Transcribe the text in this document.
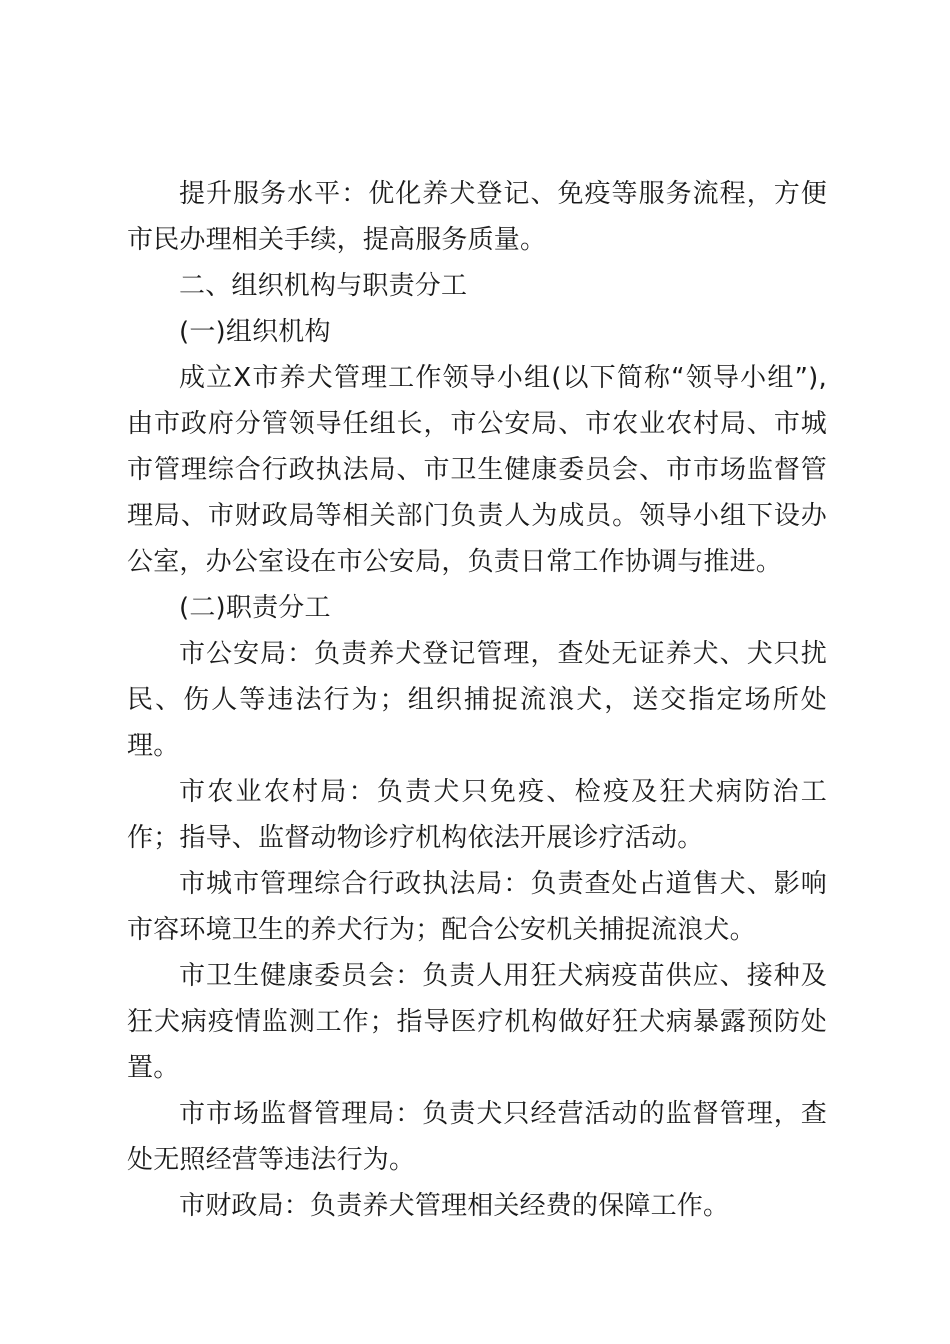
提升服务水平：优化养犬登记、免疫等服务流程，方便市民办理相关手续，提高服务质量。

二、组织机构与职责分工

(一)组织机构

成立X市养犬管理工作领导小组(以下简称“领导小组”),由市政府分管领导任组长，市公安局、市农业农村局、市城市管理综合行政执法局、市卫生健康委员会、市市场监督管理局、市财政局等相关部门负责人为成员。领导小组下设办公室，办公室设在市公安局，负责日常工作协调与推进。

(二)职责分工

市公安局：负责养犬登记管理，查处无证养犬、犬只扰民、伤人等违法行为；组织捕捉流浪犬，送交指定场所处理。

市农业农村局：负责犬只免疫、检疫及狂犬病防治工作；指导、监督动物诊疗机构依法开展诊疗活动。

市城市管理综合行政执法局：负责查处占道售犬、影响市容环境卫生的养犬行为；配合公安机关捕捉流浪犬。

市卫生健康委员会：负责人用狂犬病疫苗供应、接种及狂犬病疫情监测工作；指导医疗机构做好狂犬病暴露预防处置。

市市场监督管理局：负责犬只经营活动的监督管理，查处无照经营等违法行为。

市财政局：负责养犬管理相关经费的保障工作。
